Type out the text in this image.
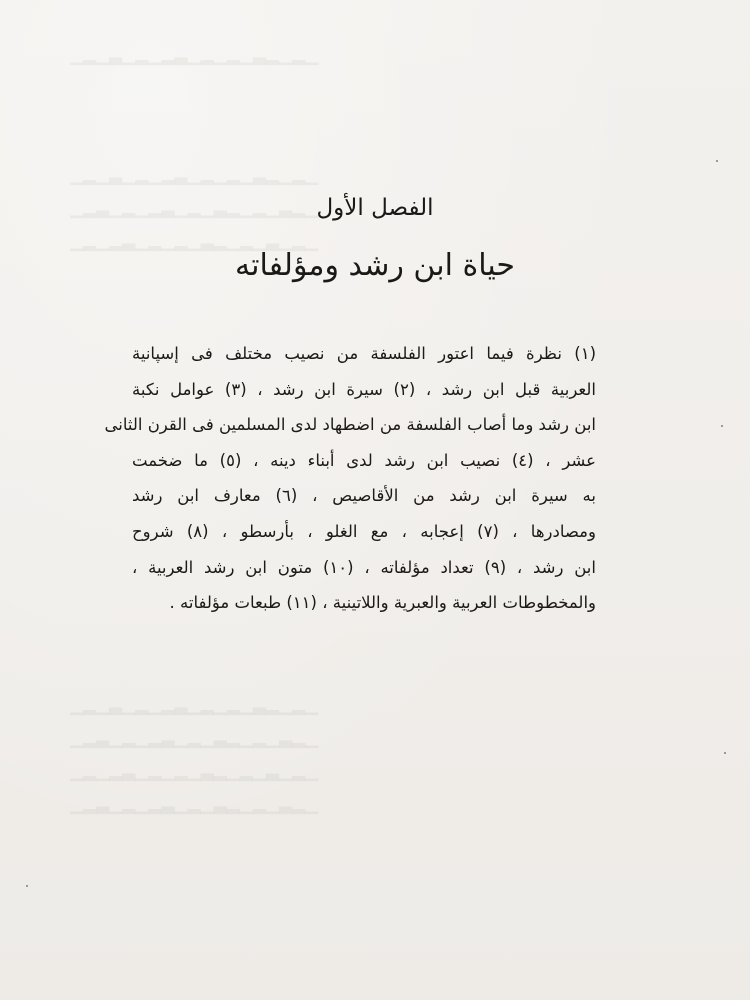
▁▂▁▃▁▂▁▂▃▁▂▁▂▁▃▂▁▂▁
▁▂▁▃▁▂▁▂▃▁▂▁▂▁▃▂▁▂▁
▁▂▃▁▂▁▂▃▁▂▁▃▂▁▂▁▃▂▁
▁▂▁▂▃▁▂▁▂▁▃▂▁▂▁▃▁▂▁
▁▂▁▃▁▂▁▂▃▁▂▁▂▁▃▂▁▂▁
▁▂▃▁▂▁▂▃▁▂▁▃▂▁▂▁▃▂▁
▁▂▁▂▃▁▂▁▂▁▃▂▁▂▁▃▁▂▁
▁▂▃▁▂▁▂▃▁▂▁▃▂▁▂▁▃▂▁
الفصل الأول
حياة ابن رشد ومؤلفاته
(١) نظرة فيما اعتور الفلسفة من نصيب مختلف فى إسپانية
العربية قبل ابن رشد ، (٢) سيرة ابن رشد ، (٣) عوامل نكبة
ابن رشد وما أصاب الفلسفة من اضطهاد لدى المسلمين فى القرن الثانى
عشر ، (٤) نصيب ابن رشد لدى أبناء دينه ، (٥) ما ضخمت
به سيرة ابن رشد من الأقاصيص ، (٦) معارف ابن رشد
ومصادرها ، (٧) إعجابه ، مع الغلو ، بأرسطو ، (٨) شروح
ابن رشد ، (٩) تعداد مؤلفاته ، (١٠) متون ابن رشد العربية ،
والمخطوطات العربية والعبرية واللاتينية ، (١١) طبعات مؤلفاته .
